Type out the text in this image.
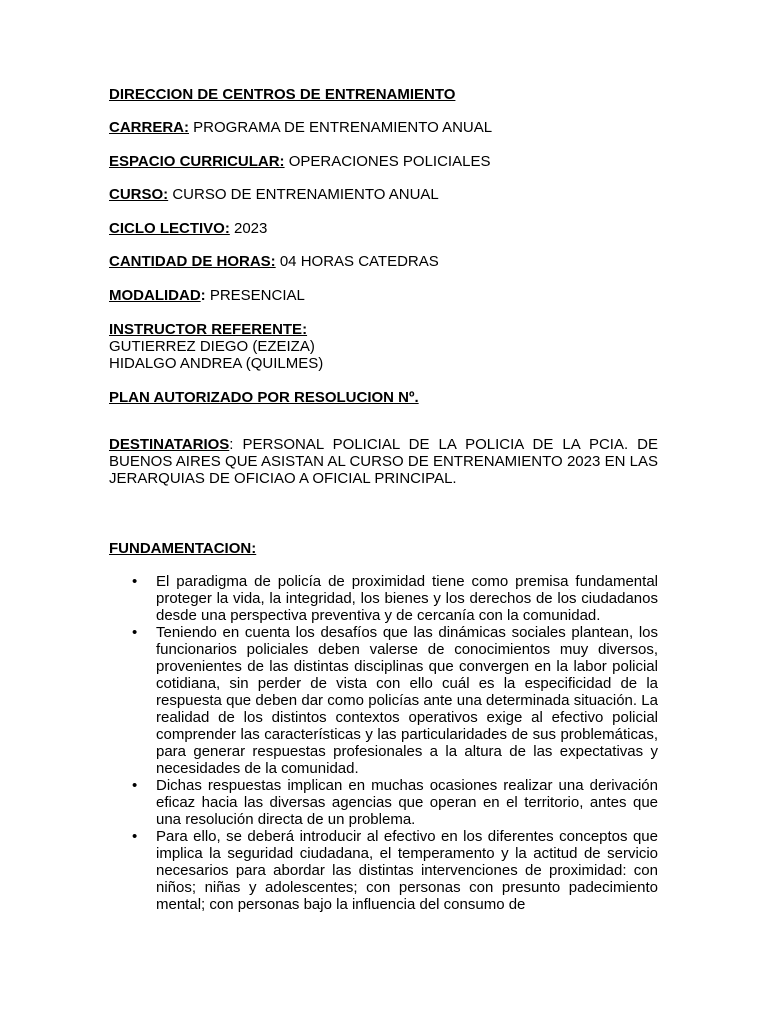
DIRECCION DE CENTROS DE ENTRENAMIENTO
CARRERA: PROGRAMA DE ENTRENAMIENTO ANUAL
ESPACIO CURRICULAR: OPERACIONES POLICIALES
CURSO: CURSO DE ENTRENAMIENTO ANUAL
CICLO LECTIVO: 2023
CANTIDAD DE HORAS: 04 HORAS CATEDRAS
MODALIDAD: PRESENCIAL
INSTRUCTOR REFERENTE:
GUTIERREZ DIEGO (EZEIZA)
HIDALGO ANDREA (QUILMES)
PLAN AUTORIZADO POR RESOLUCION Nº.
DESTINATARIOS: PERSONAL POLICIAL DE LA POLICIA DE LA PCIA. DE BUENOS AIRES QUE ASISTAN AL CURSO DE ENTRENAMIENTO 2023 EN LAS JERARQUIAS DE OFICIAO A OFICIAL PRINCIPAL.
FUNDAMENTACION:
• El paradigma de policía de proximidad tiene como premisa fundamental proteger la vida, la integridad, los bienes y los derechos de los ciudadanos desde una perspectiva preventiva y de cercanía con la comunidad.
• Teniendo en cuenta los desafíos que las dinámicas sociales plantean, los funcionarios policiales deben valerse de conocimientos muy diversos, provenientes de las distintas disciplinas que convergen en la labor policial cotidiana, sin perder de vista con ello cuál es la especificidad de la respuesta que deben dar como policías ante una determinada situación. La realidad de los distintos contextos operativos exige al efectivo policial comprender las características y las particularidades de sus problemáticas, para generar respuestas profesionales a la altura de las expectativas y necesidades de la comunidad.
• Dichas respuestas implican en muchas ocasiones realizar una derivación eficaz hacia las diversas agencias que operan en el territorio, antes que una resolución directa de un problema.
• Para ello, se deberá introducir al efectivo en los diferentes conceptos que implica la seguridad ciudadana, el temperamento y la actitud de servicio necesarios para abordar las distintas intervenciones de proximidad: con niños; niñas y adolescentes; con personas con presunto padecimiento mental; con personas bajo la influencia del consumo de
